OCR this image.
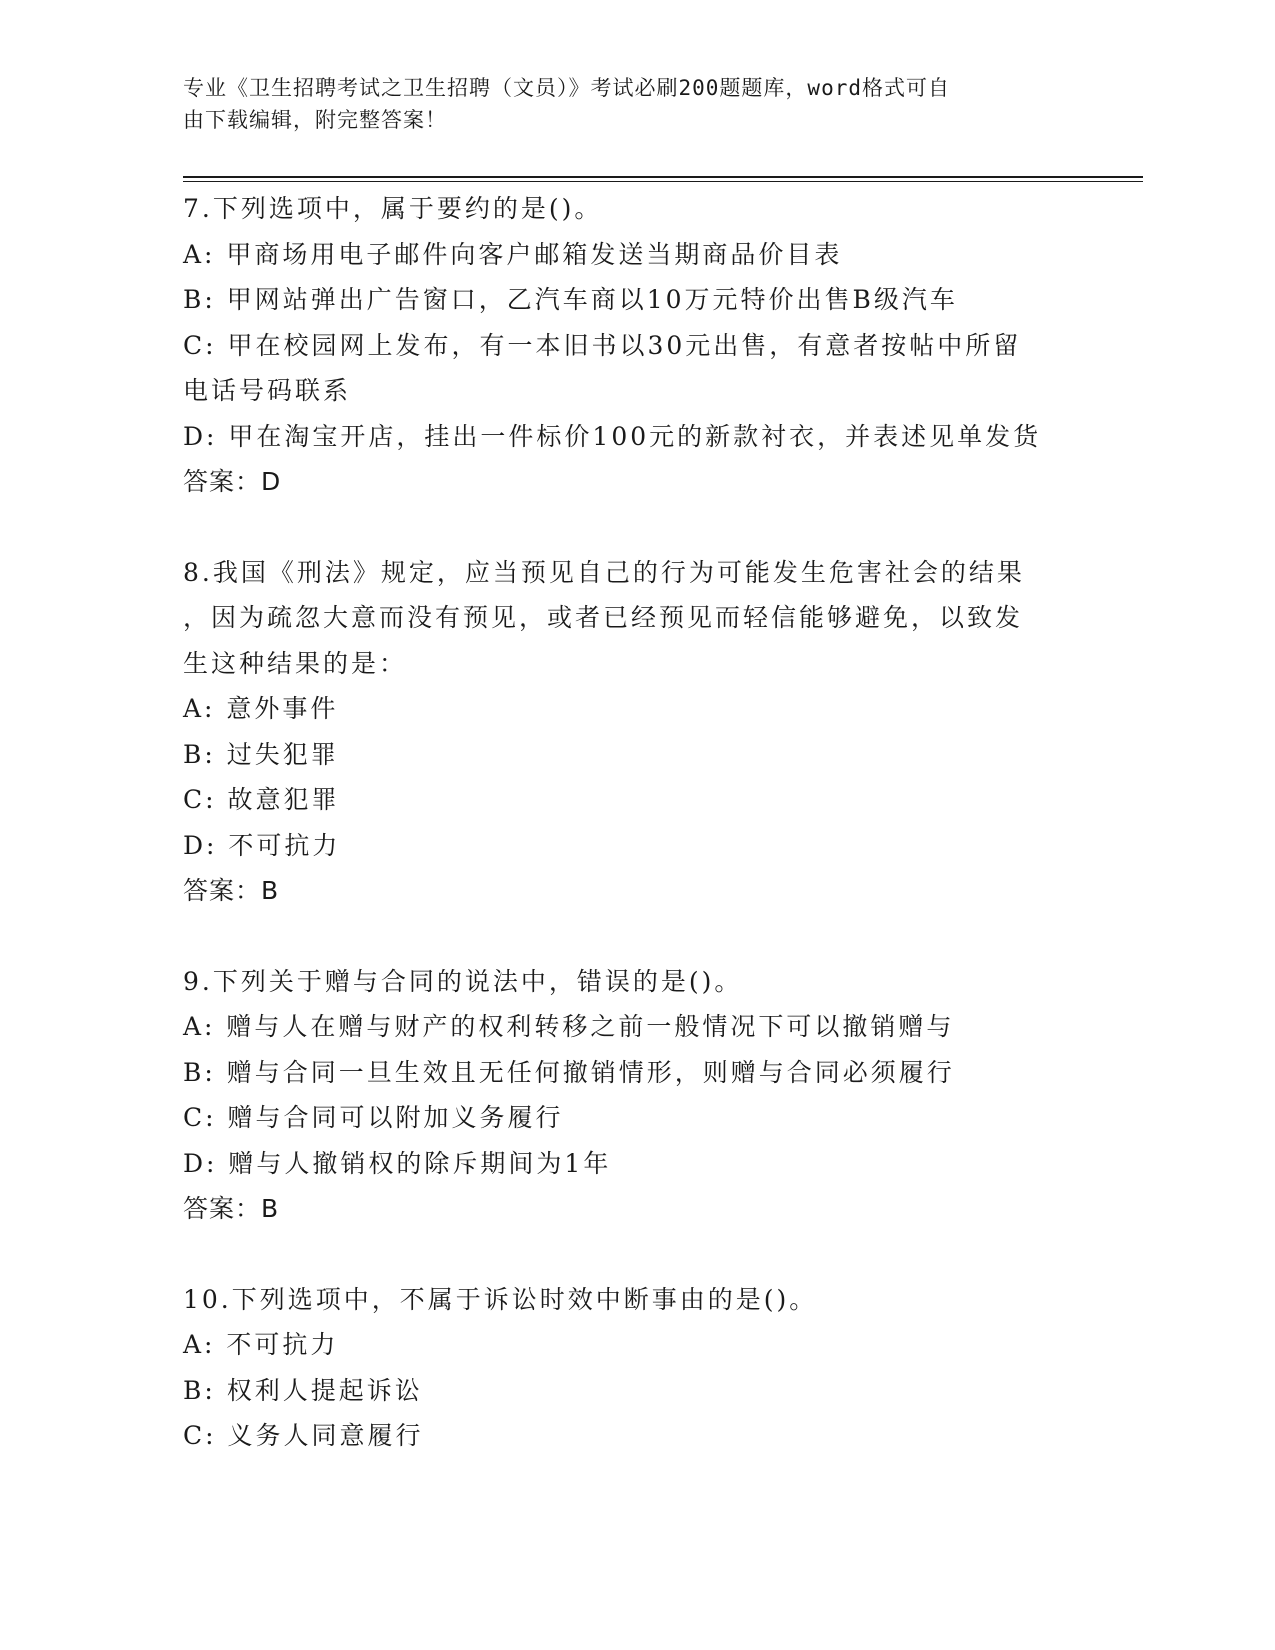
专业《卫生招聘考试之卫生招聘（文员）》考试必刷200题题库，word格式可自
由下载编辑，附完整答案！
7.下列选项中，属于要约的是()。
A: 甲商场用电子邮件向客户邮箱发送当期商品价目表
B: 甲网站弹出广告窗口，乙汽车商以10万元特价出售B级汽车
C: 甲在校园网上发布，有一本旧书以30元出售，有意者按帖中所留
电话号码联系
D: 甲在淘宝开店，挂出一件标价100元的新款衬衣，并表述见单发货
答案：D
8.我国《刑法》规定，应当预见自己的行为可能发生危害社会的结果
，因为疏忽大意而没有预见，或者已经预见而轻信能够避免，以致发
生这种结果的是：
A: 意外事件
B: 过失犯罪
C: 故意犯罪
D: 不可抗力
答案：B
9.下列关于赠与合同的说法中，错误的是()。
A: 赠与人在赠与财产的权利转移之前一般情况下可以撤销赠与
B: 赠与合同一旦生效且无任何撤销情形，则赠与合同必须履行
C: 赠与合同可以附加义务履行
D: 赠与人撤销权的除斥期间为1年
答案：B
10.下列选项中，不属于诉讼时效中断事由的是()。
A: 不可抗力
B: 权利人提起诉讼
C: 义务人同意履行
